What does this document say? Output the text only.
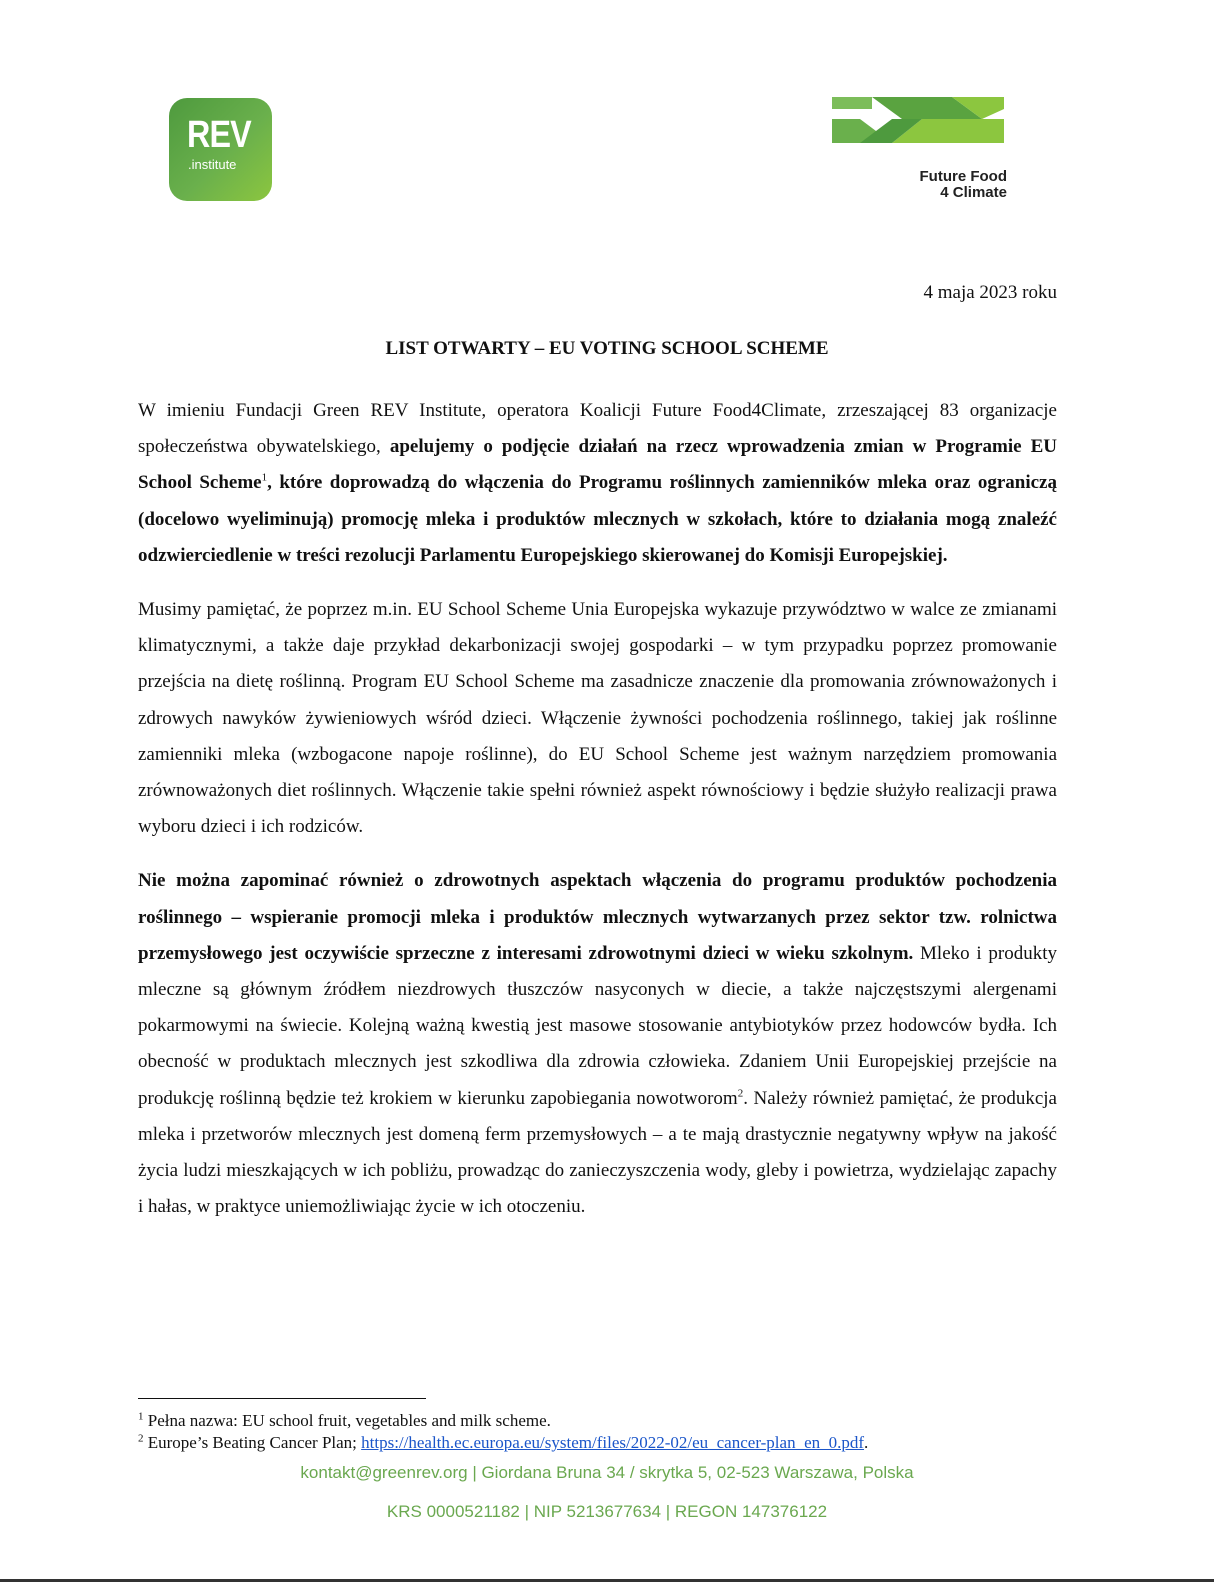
REV
.institute
Future Food
4 Climate
4 maja 2023 roku
LIST OTWARTY – EU VOTING SCHOOL SCHEME

W imieniu Fundacji Green REV Institute, operatora Koalicji Future Food4Climate, zrzeszającej 83 organizacje społeczeństwa obywatelskiego, apelujemy o podjęcie działań na rzecz wprowadzenia zmian w Programie EU School Scheme$^1$, które doprowadzą do włączenia do Programu roślinnych zamienników mleka oraz ograniczą (docelowo wyeliminują) promocję mleka i produktów mlecznych w szkołach, które to działania mogą znaleźć odzwierciedlenie w treści rezolucji Parlamentu Europejskiego skierowanej do Komisji Europejskiej.

Musimy pamiętać, że poprzez m.in. EU School Scheme Unia Europejska wykazuje przywództwo w walce ze zmianami klimatycznymi, a także daje przykład dekarbonizacji swojej gospodarki – w tym przypadku poprzez promowanie przejścia na dietę roślinną. Program EU School Scheme ma zasadnicze znaczenie dla promowania zrównoważonych i zdrowych nawyków żywieniowych wśród dzieci. Włączenie żywności pochodzenia roślinnego, takiej jak roślinne zamienniki mleka (wzbogacone napoje roślinne), do EU School Scheme jest ważnym narzędziem promowania zrównoważonych diet roślinnych. Włączenie takie spełni również aspekt równościowy i będzie służyło realizacji prawa wyboru dzieci i ich rodziców.

Nie można zapominać również o zdrowotnych aspektach włączenia do programu produktów pochodzenia roślinnego – wspieranie promocji mleka i produktów mlecznych wytwarzanych przez sektor tzw. rolnictwa przemysłowego jest oczywiście sprzeczne z interesami zdrowotnymi dzieci w wieku szkolnym. Mleko i produkty mleczne są głównym źródłem niezdrowych tłuszczów nasyconych w diecie, a także najczęstszymi alergenami pokarmowymi na świecie. Kolejną ważną kwestią jest masowe stosowanie antybiotyków przez hodowców bydła. Ich obecność w produktach mlecznych jest szkodliwa dla zdrowia człowieka. Zdaniem Unii Europejskiej przejście na produkcję roślinną będzie też krokiem w kierunku zapobiegania nowotworom$^2$. Należy również pamiętać, że produkcja mleka i przetworów mlecznych jest domeną ferm przemysłowych – a te mają drastycznie negatywny wpływ na jakość życia ludzi mieszkających w ich pobliżu, prowadząc do zanieczyszczenia wody, gleby i powietrza, wydzielając zapachy i hałas, w praktyce uniemożliwiając życie w ich otoczeniu.

$^1$ Pełna nazwa: EU school fruit, vegetables and milk scheme.
$^2$ Europe’s Beating Cancer Plan; https://health.ec.europa.eu/system/files/2022-02/eu_cancer-plan_en_0.pdf.
kontakt@greenrev.org | Giordana Bruna 34 / skrytka 5, 02-523 Warszawa, Polska
KRS 0000521182 | NIP 5213677634 | REGON 147376122
